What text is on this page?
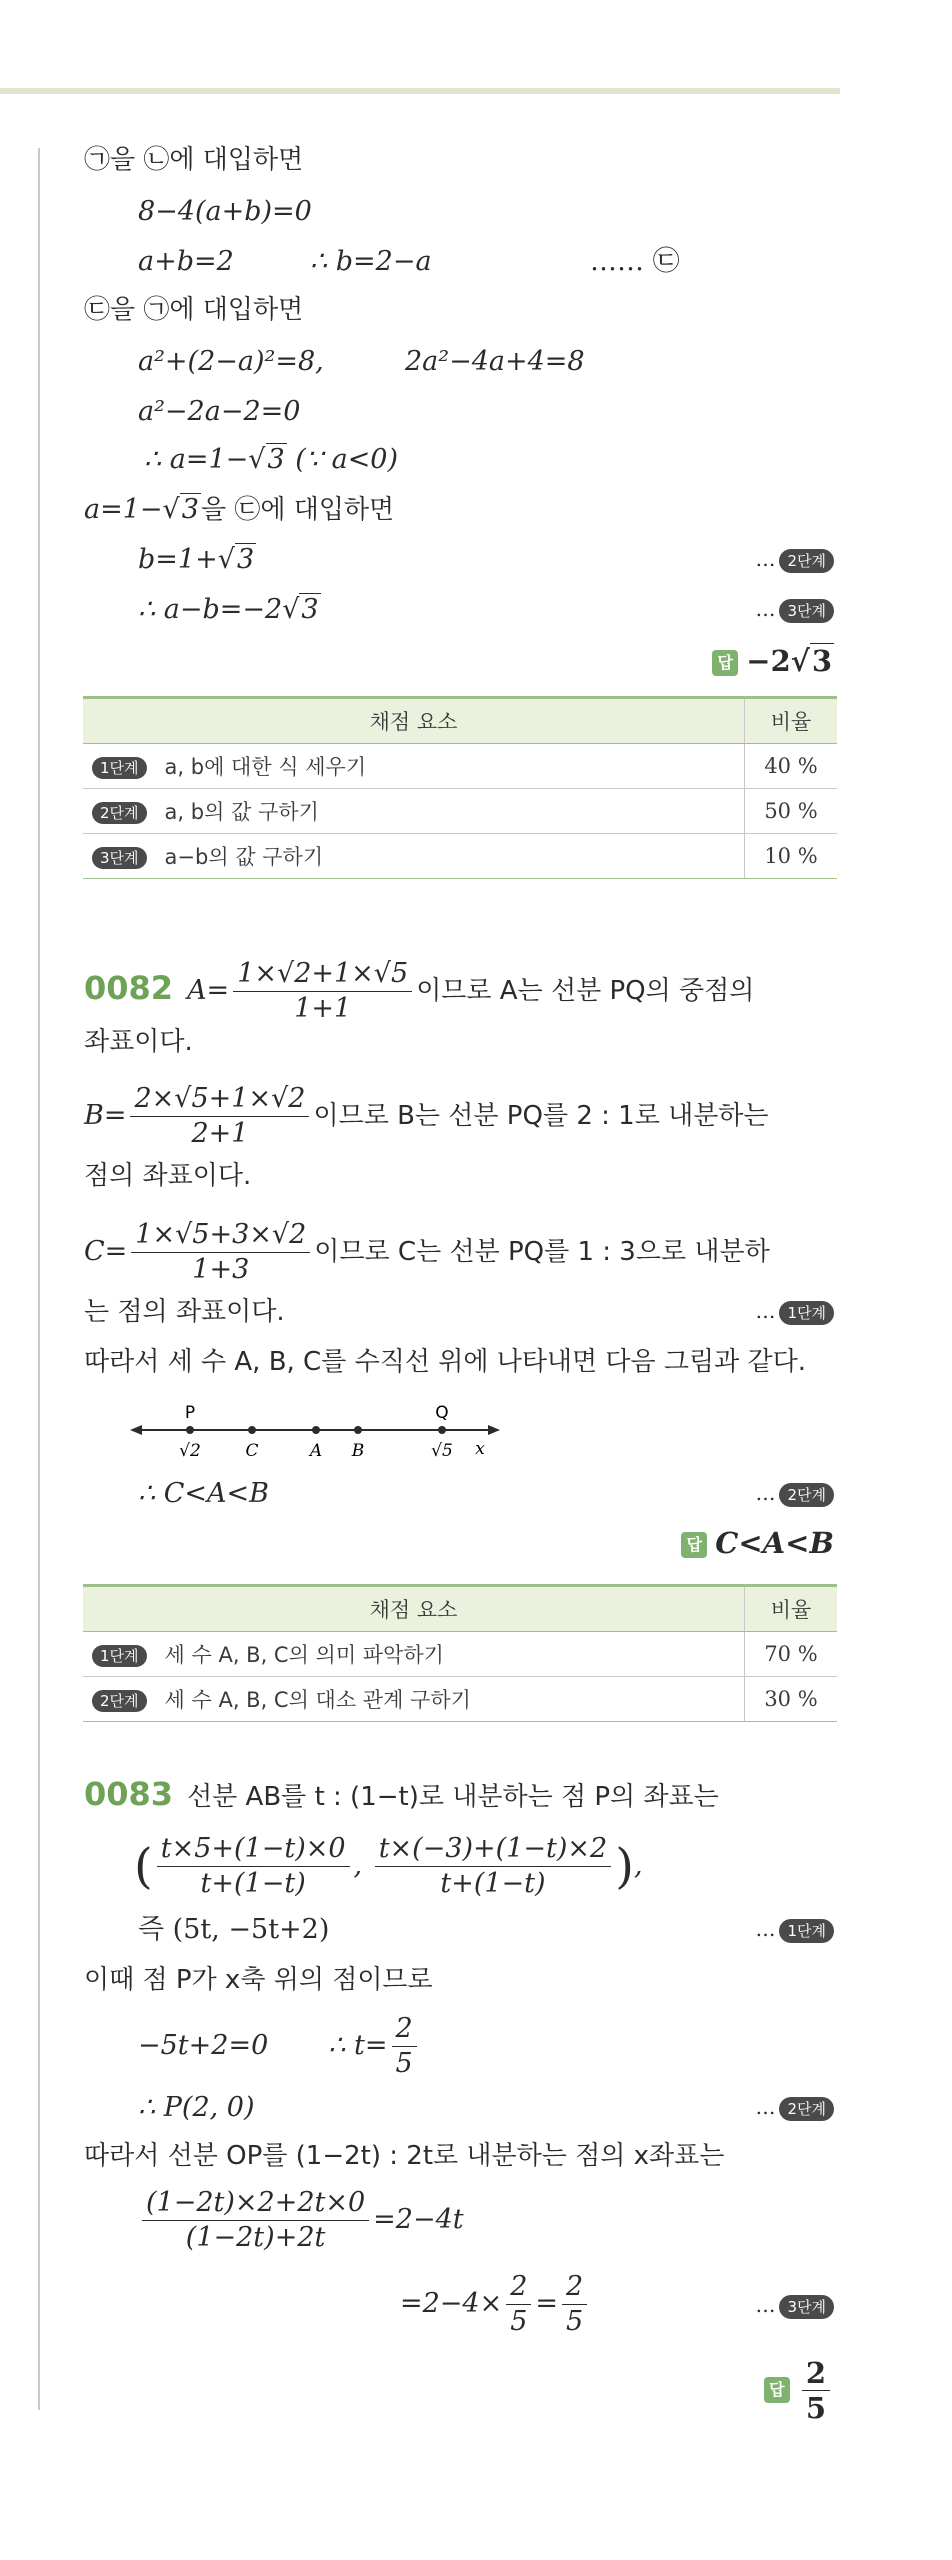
㉠을 ㉡에 대입하면
8−4(a+b)=0
a+b=2	∴ b=2−a	…… ㉢
㉢을 ㉠에 대입하면
a²+(2−a)²=8,	2a²−4a+4=8
a²−2a−2=0
∴ a=1−√3 (∵ a<0)
a=1−√3을 ㉢에 대입하면
b=1+√3	… 2단계
∴ a−b=−2√3	… 3단계
답 −2√3
채점 요소	비율
1단계 a, b에 대한 식 세우기	40 %
2단계 a, b의 값 구하기	50 %
3단계 a−b의 값 구하기	10 %
0082 $A= \frac{1\times√2+1\times√5}{1+1}$ 이므로 A는 선분 PQ의 중점의
좌표이다.
$B= \frac{2\times√5+1\times√2}{2+1}$ 이므로 B는 선분 PQ를 2 : 1로 내분하는
점의 좌표이다.
$C= \frac{1\times√5+3\times√2}{1+3}$ 이므로 C는 선분 PQ를 1 : 3으로 내분하
는 점의 좌표이다.	… 1단계
따라서 세 수 A, B, C를 수직선 위에 나타내면 다음 그림과 같다.
P	Q
√2	C	A B	√5 x
∴ C<A<B	… 2단계
답 C<A<B
채점 요소	비율
1단계 세 수 A, B, C의 의미 파악하기	70 %
2단계 세 수 A, B, C의 대소 관계 구하기	30 %
0083 선분 AB를 t : (1−t)로 내분하는 점 P의 좌표는
( $\frac{t\times 5+(1-t)\times 0}{t+(1-t)}$ , $\frac{t\times(-3)+(1-t)\times 2}{t+(1-t)}$ ),
즉 (5t, −5t+2)	… 1단계
이때 점 P가 x축 위의 점이므로
−5t+2=0 ∴ $t= \frac{2}{5}$
∴ P(2, 0)	… 2단계
따라서 선분 OP를 (1−2t) : 2t로 내분하는 점의 x좌표는
$\frac{(1-2t)\times 2+2t\times 0}{(1-2t)+2t} =2-4t$
$=2-4\times \frac{2}{5} = \frac{2}{5}$	… 3단계
답 $\frac{2}{5}$
